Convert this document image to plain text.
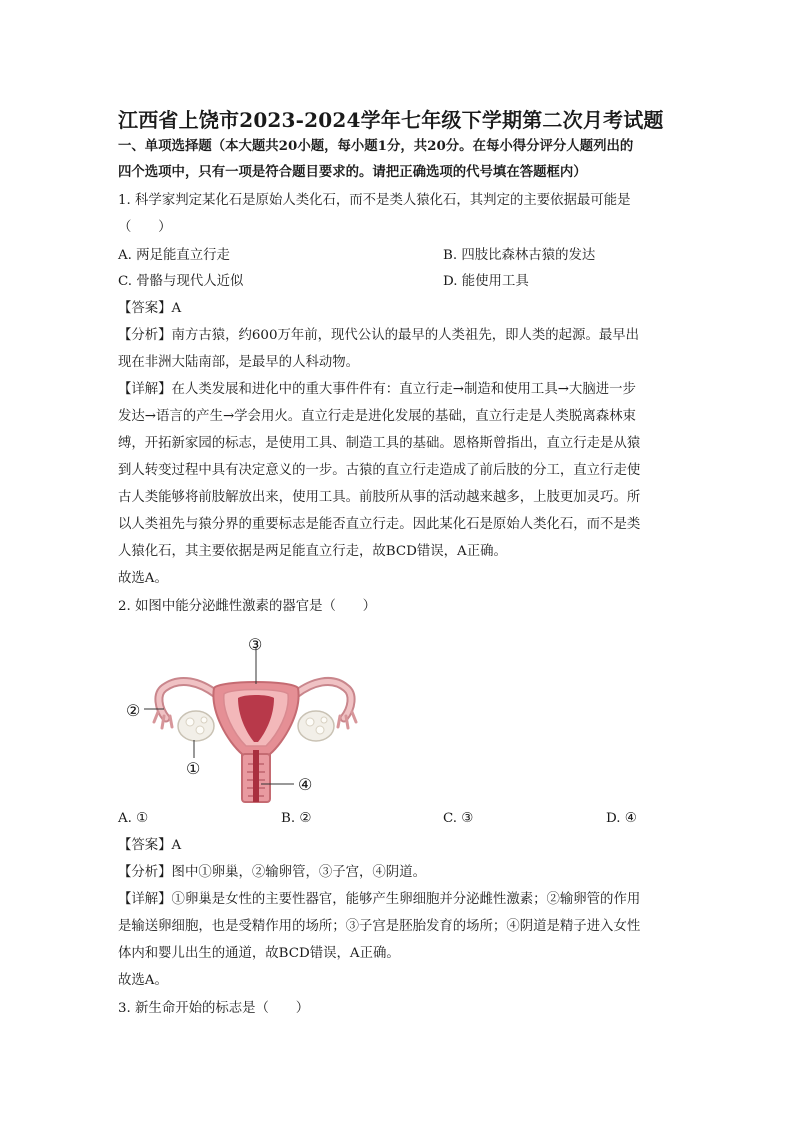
江西省上饶市2023-2024学年七年级下学期第二次月考试题
一、单项选择题（本大题共20小题，每小题1分，共20分。在每小得分评分人题列出的
四个选项中，只有一项是符合题目要求的。请把正确选项的代号填在答题框内）
1. 科学家判定某化石是原始人类化石，而不是类人猿化石，其判定的主要依据最可能是
（　　）
A. 两足能直立行走	B. 四肢比森林古猿的发达
C. 骨骼与现代人近似	D. 能使用工具
【答案】A
【分析】南方古猿，约600万年前，现代公认的最早的人类祖先，即人类的起源。最早出
现在非洲大陆南部，是最早的人科动物。
【详解】在人类发展和进化中的重大事件件有：直立行走→制造和使用工具→大脑进一步
发达→语言的产生→学会用火。直立行走是进化发展的基础，直立行走是人类脱离森林束
缚，开拓新家园的标志，是使用工具、制造工具的基础。恩格斯曾指出，直立行走是从猿
到人转变过程中具有决定意义的一步。古猿的直立行走造成了前后肢的分工，直立行走使
古人类能够将前肢解放出来，使用工具。前肢所从事的活动越来越多，上肢更加灵巧。所
以人类祖先与猿分界的重要标志是能否直立行走。因此某化石是原始人类化石，而不是类
人猿化石，其主要依据是两足能直立行走，故BCD错误，A正确。
故选A。
2. 如图中能分泌雌性激素的器官是（　　）
③
②
①
④
A. ①	B. ②	C. ③	D. ④
【答案】A
【分析】图中①卵巢，②输卵管，③子宫，④阴道。
【详解】①卵巢是女性的主要性器官，能够产生卵细胞并分泌雌性激素；②输卵管的作用
是输送卵细胞，也是受精作用的场所；③子宫是胚胎发育的场所；④阴道是精子进入女性
体内和婴儿出生的通道，故BCD错误，A正确。
故选A。
3. 新生命开始的标志是（　　）
